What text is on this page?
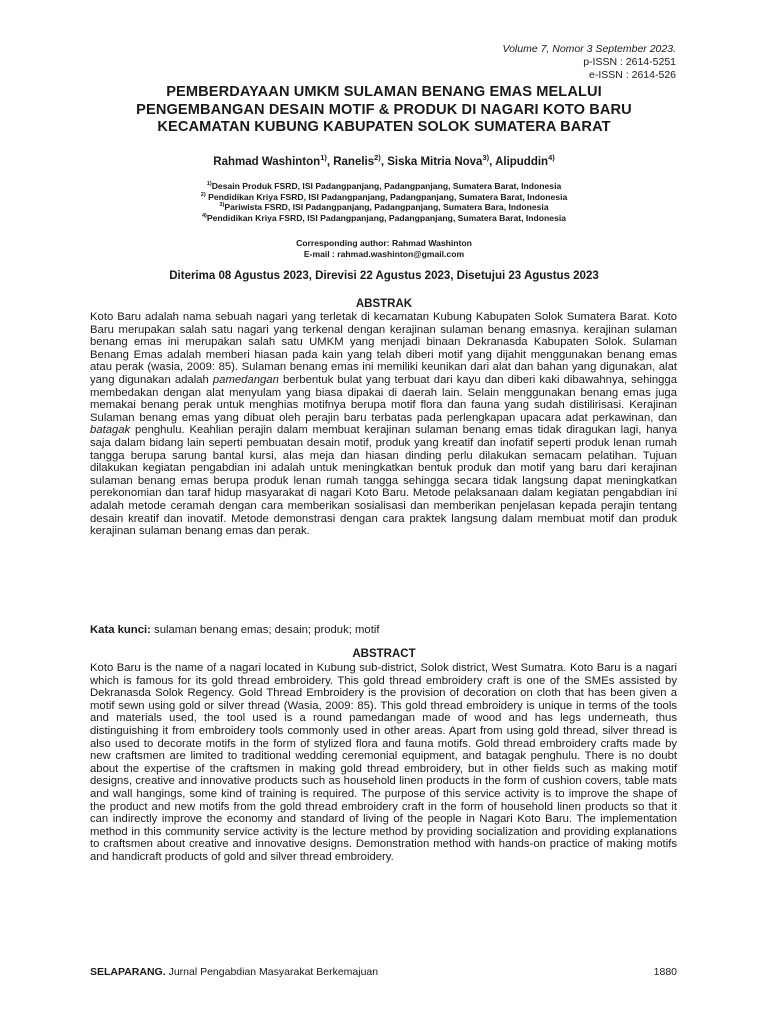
Volume 7, Nomor 3 September 2023.
p-ISSN : 2614-5251
e-ISSN : 2614-526
PEMBERDAYAAN UMKM SULAMAN BENANG EMAS MELALUI
PENGEMBANGAN DESAIN MOTIF & PRODUK DI NAGARI KOTO BARU
KECAMATAN KUBUNG KABUPATEN SOLOK SUMATERA BARAT
Rahmad Washinton$^{1)}$, Ranelis$^{2)}$, Siska Mitria Nova$^{3)}$, Alipuddin$^{4)}$
$^{1)}$Desain Produk FSRD, ISI Padangpanjang, Padangpanjang, Sumatera Barat, Indonesia
$^{2)}$ Pendidikan Kriya FSRD, ISI Padangpanjang, Padangpanjang, Sumatera Barat, Indonesia
$^{3)}$Pariwista FSRD, ISI Padangpanjang, Padangpanjang, Sumatera Bara, Indonesia
$^{4)}$Pendidikan Kriya FSRD, ISI Padangpanjang, Padangpanjang, Sumatera Barat, Indonesia
Corresponding author: Rahmad Washinton
E-mail : rahmad.washinton@gmail.com
Diterima 08 Agustus 2023, Direvisi 22 Agustus 2023, Disetujui 23 Agustus 2023
ABSTRAK

Koto Baru adalah nama sebuah nagari yang terletak di kecamatan Kubung Kabupaten Solok Sumatera Barat. Koto Baru merupakan salah satu nagari yang terkenal dengan kerajinan sulaman benang emasnya. kerajinan sulaman benang emas ini merupakan salah satu UMKM yang menjadi binaan Dekranasda Kabupaten Solok. Sulaman Benang Emas adalah memberi hiasan pada kain yang telah diberi motif yang dijahit menggunakan benang emas atau perak (wasia, 2009: 85). Sulaman benang emas ini memiliki keunikan dari alat dan bahan yang digunakan, alat yang digunakan adalah pamedangan berbentuk bulat yang terbuat dari kayu dan diberi kaki dibawahnya, sehingga membedakan dengan alat menyulam yang biasa dipakai di daerah lain. Selain menggunakan benang emas juga memakai benang perak untuk menghias motifnya berupa motif flora dan fauna yang sudah distilirisasi. Kerajinan Sulaman benang emas yang dibuat oleh perajin baru terbatas pada perlengkapan upacara adat perkawinan, dan batagak penghulu. Keahlian perajin dalam membuat kerajinan sulaman benang emas tidak diragukan lagi, hanya saja dalam bidang lain seperti pembuatan desain motif, produk yang kreatif dan inofatif seperti produk lenan rumah tangga berupa sarung bantal kursi, alas meja dan hiasan dinding perlu dilakukan semacam pelatihan. Tujuan dilakukan kegiatan pengabdian ini adalah untuk meningkatkan bentuk produk dan motif yang baru dari kerajinan sulaman benang emas berupa produk lenan rumah tangga sehingga secara tidak langsung dapat meningkatkan perekonomian dan taraf hidup masyarakat di nagari Koto Baru. Metode pelaksanaan dalam kegiatan pengabdian ini adalah metode ceramah dengan cara memberikan sosialisasi dan memberikan penjelasan kepada perajin tentang desain kreatif dan inovatif. Metode demonstrasi dengan cara praktek langsung dalam membuat motif dan produk kerajinan sulaman benang emas dan perak.

Kata kunci: sulaman benang emas; desain; produk; motif
ABSTRACT

Koto Baru is the name of a nagari located in Kubung sub-district, Solok district, West Sumatra. Koto Baru is a nagari which is famous for its gold thread embroidery. This gold thread embroidery craft is one of the SMEs assisted by Dekranasda Solok Regency. Gold Thread Embroidery is the provision of decoration on cloth that has been given a motif sewn using gold or silver thread (Wasia, 2009: 85). This gold thread embroidery is unique in terms of the tools and materials used, the tool used is a round pamedangan made of wood and has legs underneath, thus distinguishing it from embroidery tools commonly used in other areas. Apart from using gold thread, silver thread is also used to decorate motifs in the form of stylized flora and fauna motifs. Gold thread embroidery crafts made by new craftsmen are limited to traditional wedding ceremonial equipment, and batagak penghulu. There is no doubt about the expertise of the craftsmen in making gold thread embroidery, but in other fields such as making motif designs, creative and innovative products such as household linen products in the form of cushion covers, table mats and wall hangings, some kind of training is required. The purpose of this service activity is to improve the shape of the product and new motifs from the gold thread embroidery craft in the form of household linen products so that it can indirectly improve the economy and standard of living of the people in Nagari Koto Baru. The implementation method in this community service activity is the lecture method by providing socialization and providing explanations to craftsmen about creative and innovative designs. Demonstration method with hands-on practice of making motifs and handicraft products of gold and silver thread embroidery.

SELAPARANG. Jurnal Pengabdian Masyarakat Berkemajuan	1880
